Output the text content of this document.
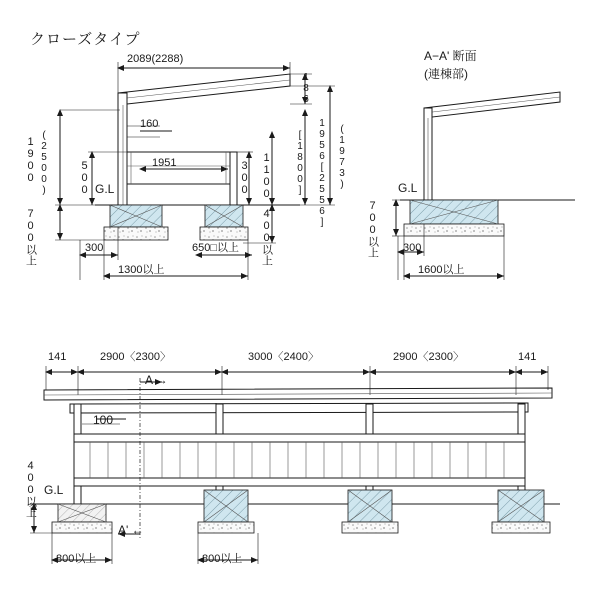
クローズタイプ
2089(2288)
186
160
1951
1900 (2500)
700以上
500 G.L	300 1100
400以上
[1800] 1956[2556] (1973)
300	650□以上
1300以上
A−A' 断面
(連棟部)
700以上
G.L
300
1600以上
141	2900〈2300〉	3000〈2400〉	2900〈2300〉	141
100
A →
A' ←
400以上 G.L
800以上	800以上
